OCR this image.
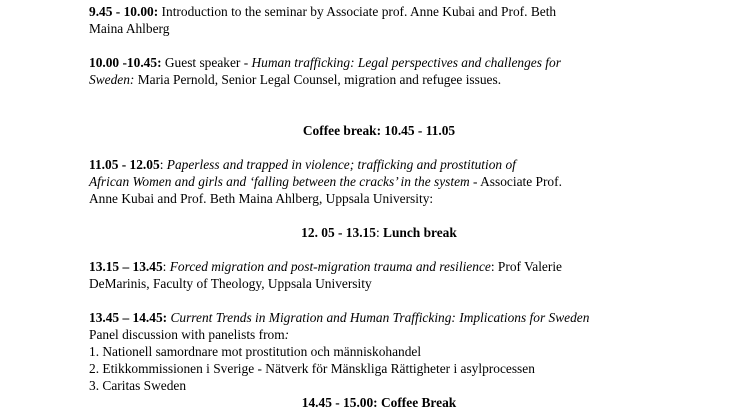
9.45 - 10.00: Introduction to the seminar by Associate prof. Anne Kubai and Prof. Beth
Maina Ahlberg

10.00 -10.45: Guest speaker - Human trafficking: Legal perspectives and challenges for
Sweden: Maria Pernold, Senior Legal Counsel, migration and refugee issues.

Coffee break: 10.45 - 11.05

11.05 - 12.05: Paperless and trapped in violence; trafficking and prostitution of
African Women and girls and ‘falling between the cracks’ in the system - Associate Prof.
Anne Kubai and Prof. Beth Maina Ahlberg, Uppsala University:

12. 05 - 13.15: Lunch break

13.15 – 13.45: Forced migration and post-migration trauma and resilience: Prof Valerie
DeMarinis, Faculty of Theology, Uppsala University

13.45 – 14.45: Current Trends in Migration and Human Trafficking: Implications for Sweden
Panel discussion with panelists from:

1. Nationell samordnare mot prostitution och människohandel
2. Etikkommissionen i Sverige - Nätverk för Mänskliga Rättigheter i asylprocessen
3. Caritas Sweden

14.45 - 15.00: Coffee Break
